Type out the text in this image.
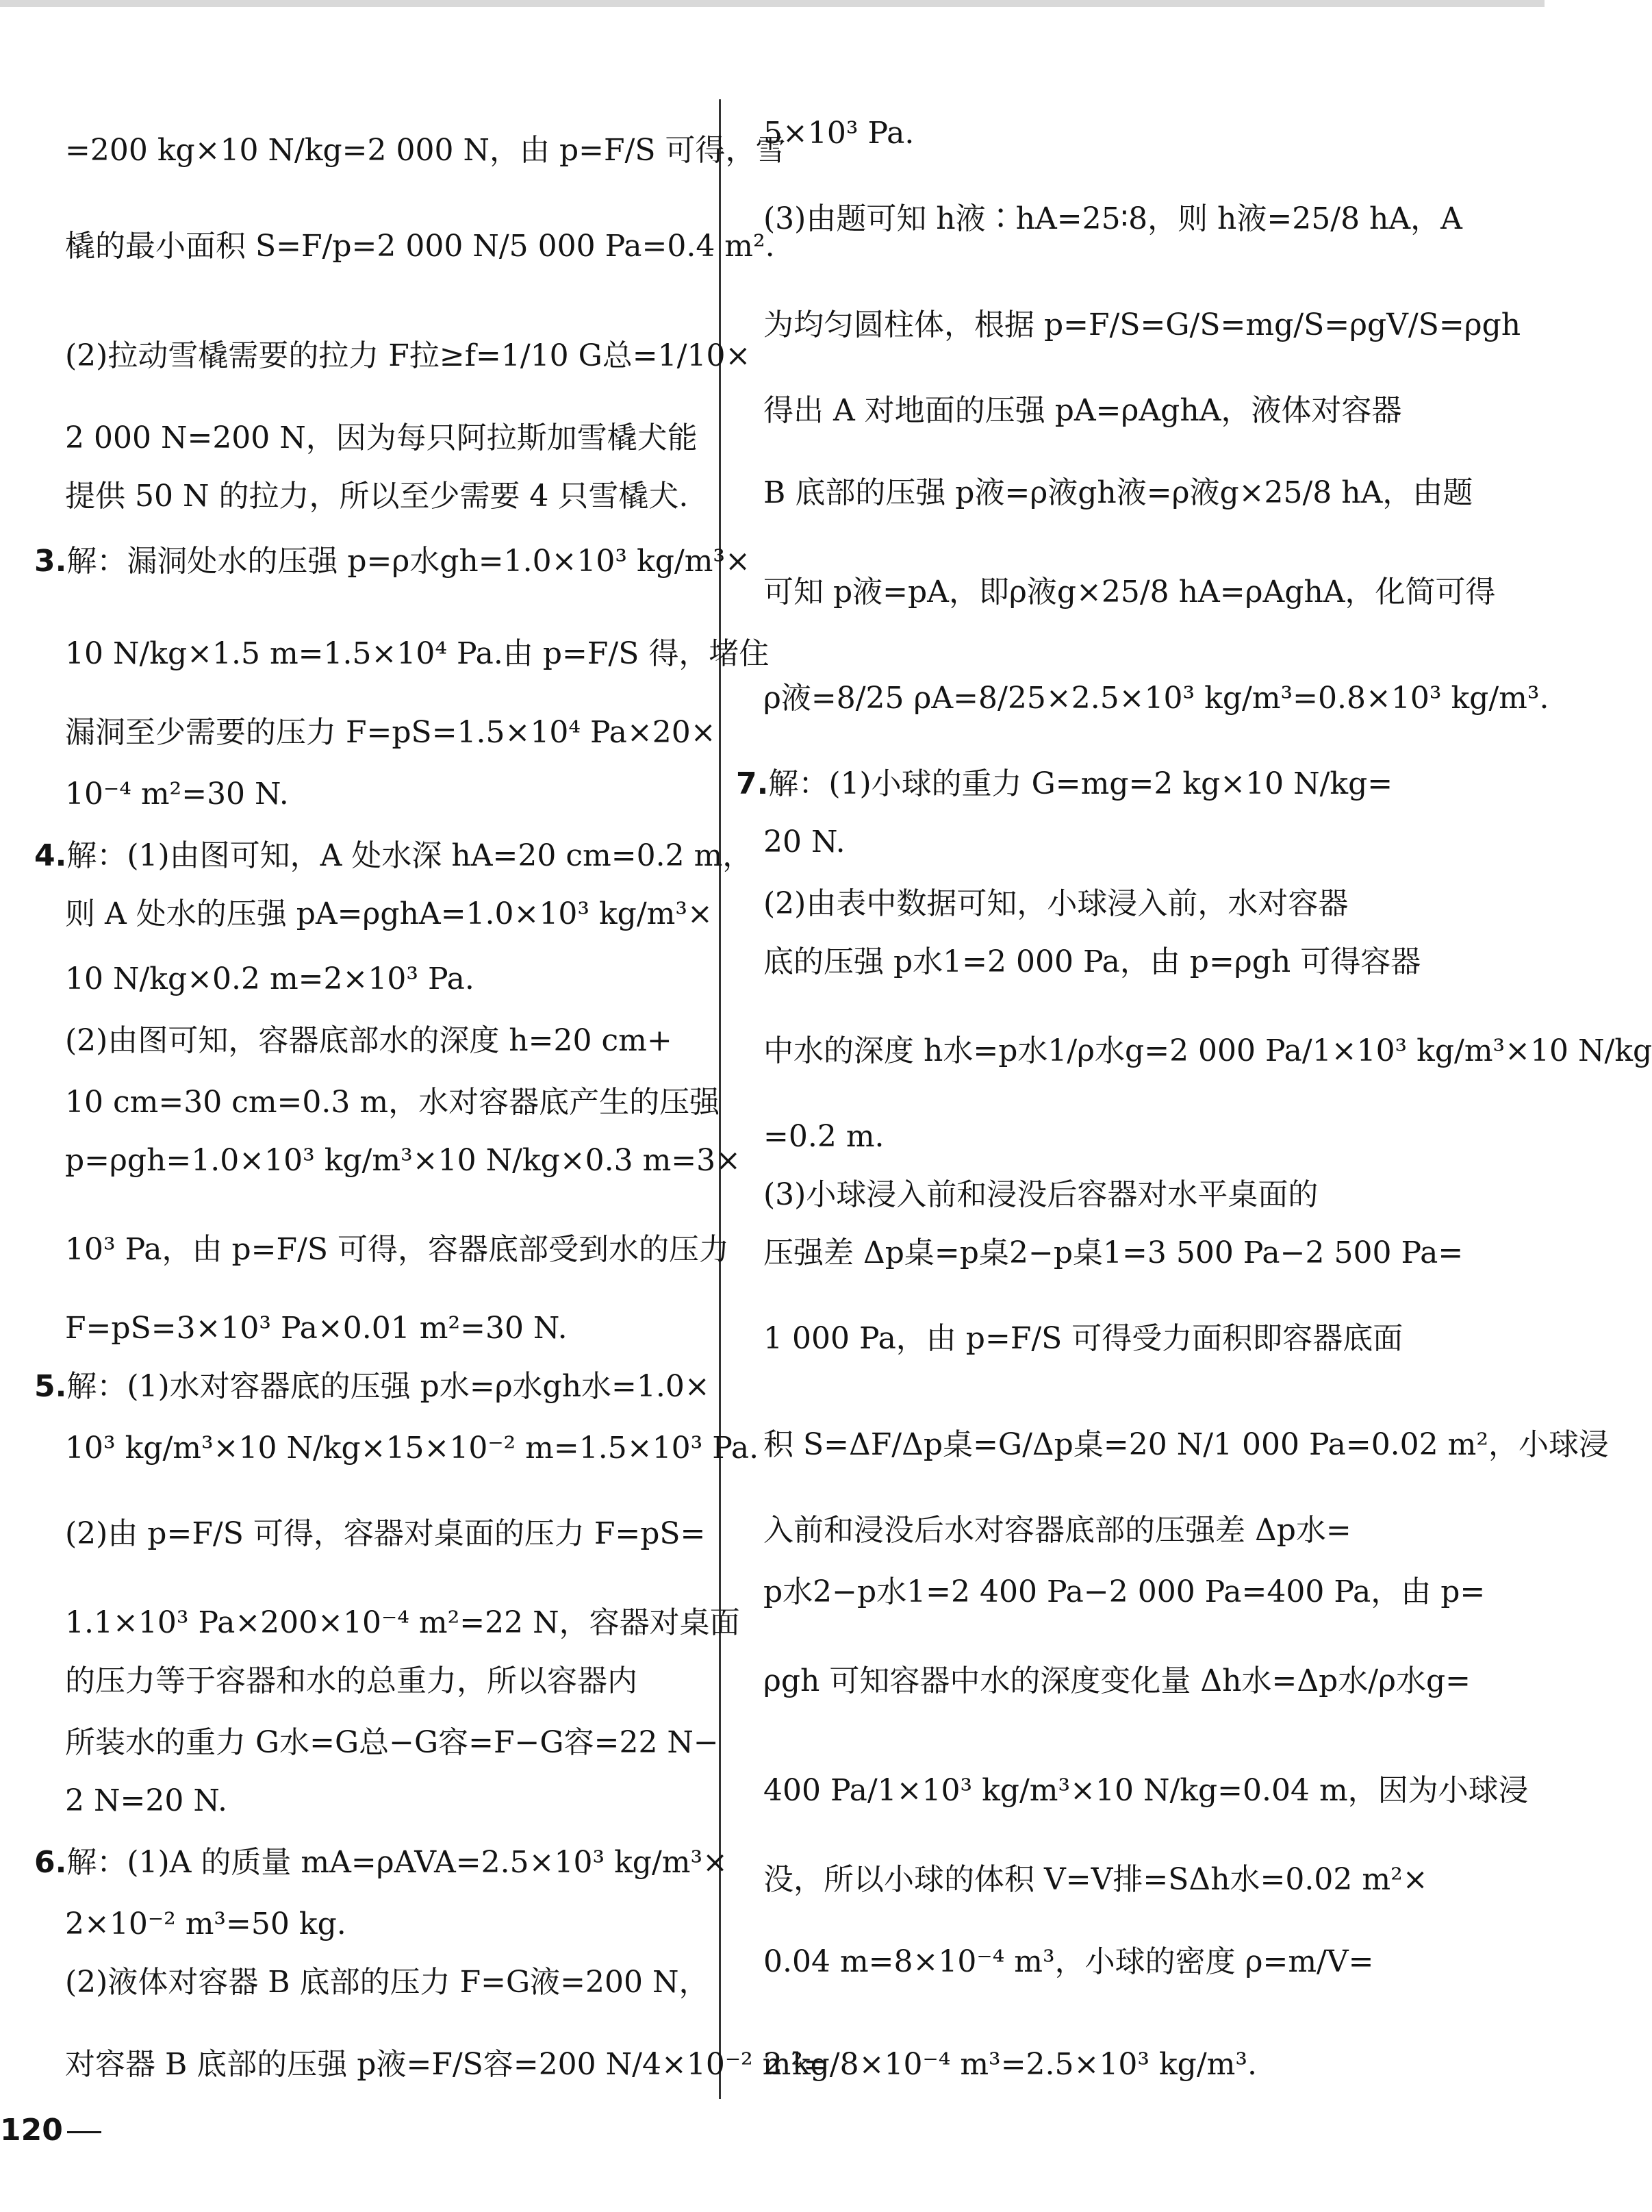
=200 kg×10 N/kg=2 000 N，由 p=F/S 可得，雪
橇的最小面积 S=F/p=2 000 N/5 000 Pa=0.4 m².
(2)拉动雪橇需要的拉力 F拉≥f=1/10 G总=1/10×
2 000 N=200 N，因为每只阿拉斯加雪橇犬能
提供 50 N 的拉力，所以至少需要 4 只雪橇犬.
3.解：漏洞处水的压强 p=ρ水gh=1.0×10³ kg/m³×
10 N/kg×1.5 m=1.5×10⁴ Pa.由 p=F/S 得，堵住
漏洞至少需要的压力 F=pS=1.5×10⁴ Pa×20×
10⁻⁴ m²=30 N.
4.解：(1)由图可知，A 处水深 hA=20 cm=0.2 m，
则 A 处水的压强 pA=ρghA=1.0×10³ kg/m³×
10 N/kg×0.2 m=2×10³ Pa.
(2)由图可知，容器底部水的深度 h=20 cm+
10 cm=30 cm=0.3 m，水对容器底产生的压强
p=ρgh=1.0×10³ kg/m³×10 N/kg×0.3 m=3×
10³ Pa，由 p=F/S 可得，容器底部受到水的压力
F=pS=3×10³ Pa×0.01 m²=30 N.
5.解：(1)水对容器底的压强 p水=ρ水gh水=1.0×
10³ kg/m³×10 N/kg×15×10⁻² m=1.5×10³ Pa.
(2)由 p=F/S 可得，容器对桌面的压力 F=pS=
1.1×10³ Pa×200×10⁻⁴ m²=22 N，容器对桌面
的压力等于容器和水的总重力，所以容器内
所装水的重力 G水=G总−G容=F−G容=22 N−
2 N=20 N.
6.解：(1)A 的质量 mA=ρAVA=2.5×10³ kg/m³×
2×10⁻² m³=50 kg.
(2)液体对容器 B 底部的压力 F=G液=200 N，
对容器 B 底部的压强 p液=F/S容=200 N/4×10⁻² m²=
5×10³ Pa.
(3)由题可知 h液∶hA=25∶8，则 h液=25/8 hA，A
为均匀圆柱体，根据 p=F/S=G/S=mg/S=ρgV/S=ρgh
得出 A 对地面的压强 pA=ρAghA，液体对容器
B 底部的压强 p液=ρ液gh液=ρ液g×25/8 hA，由题
可知 p液=pA，即ρ液g×25/8 hA=ρAghA，化简可得
ρ液=8/25 ρA=8/25×2.5×10³ kg/m³=0.8×10³ kg/m³.
7.解：(1)小球的重力 G=mg=2 kg×10 N/kg=
20 N.
(2)由表中数据可知，小球浸入前，水对容器
底的压强 p水1=2 000 Pa，由 p=ρgh 可得容器
中水的深度 h水=p水1/ρ水g=2 000 Pa/1×10³ kg/m³×10 N/kg
=0.2 m.
(3)小球浸入前和浸没后容器对水平桌面的
压强差 Δp桌=p桌2−p桌1=3 500 Pa−2 500 Pa=
1 000 Pa，由 p=F/S 可得受力面积即容器底面
积 S=ΔF/Δp桌=G/Δp桌=20 N/1 000 Pa=0.02 m²，小球浸
入前和浸没后水对容器底部的压强差 Δp水=
p水2−p水1=2 400 Pa−2 000 Pa=400 Pa，由 p=
ρgh 可知容器中水的深度变化量 Δh水=Δp水/ρ水g=
400 Pa/1×10³ kg/m³×10 N/kg=0.04 m，因为小球浸
没，所以小球的体积 V=V排=SΔh水=0.02 m²×
0.04 m=8×10⁻⁴ m³，小球的密度 ρ=m/V=
2 kg/8×10⁻⁴ m³=2.5×10³ kg/m³.
120
